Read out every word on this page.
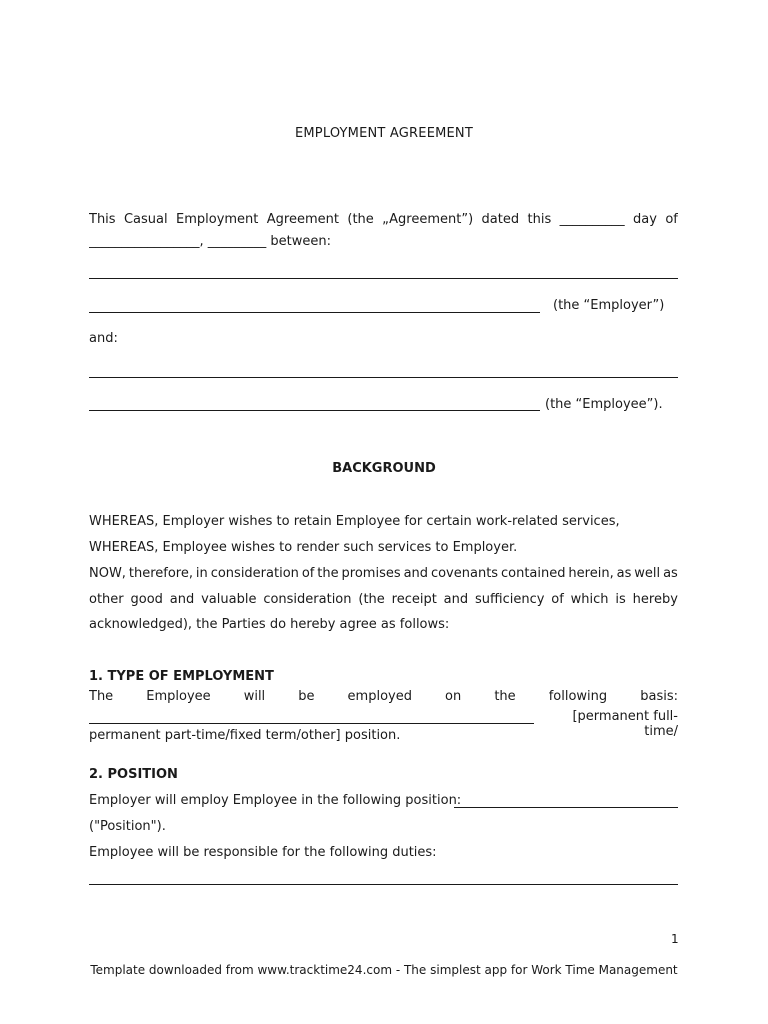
EMPLOYMENT AGREEMENT
This Casual Employment Agreement (the „Agreement”) dated this __________ day of
_________________, _________ between:
(the “Employer”)
and:
(the “Employee”).
BACKGROUND
WHEREAS, Employer wishes to retain Employee for certain work-related services,
WHEREAS, Employee wishes to render such services to Employer.
NOW, therefore, in consideration of the promises and covenants contained herein, as well as
other good and valuable consideration (the receipt and sufficiency of which is hereby
acknowledged), the Parties do hereby agree as follows:
1. TYPE OF EMPLOYMENT
The	Employee	will	be	employed	on	the	following	basis:
[permanent full-time/
permanent part-time/fixed term/other] position.
2. POSITION
Employer will employ Employee in the following position:
("Position").
Employee will be responsible for the following duties:
1
Template downloaded from www.tracktime24.com - The simplest app for Work Time Management
